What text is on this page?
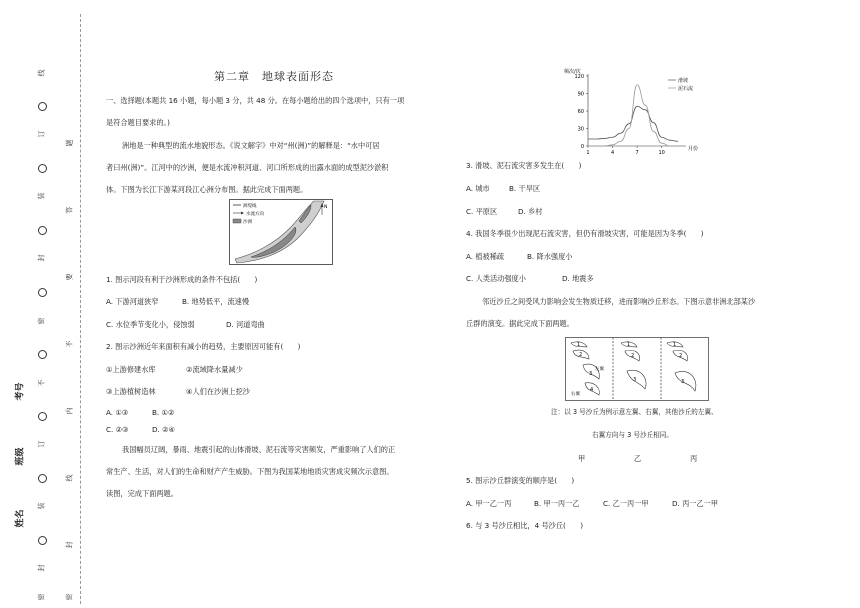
线
订
装
封
密
不
订
装
封
密
题
答
要
不
内
线
封
密
考号
班级
姓名
第二章　地球表面形态
一、选择题(本题共 16 小题，每小题 3 分，共 48 分。在每小题给出的四个选项中，只有一项
是符合题目要求的。)
洲地是一种典型的流水地貌形态。《说文解字》中对“州(洲)”的解释是：“水中可居
者曰州(洲)”。江河中的沙洲，便是水流冲积河道、河口所形成的出露水面的成型泥沙淤积
体。下图为长江下游某河段江心洲分布图。据此完成下面两题。
洲堤线
水流方向
沙洲
N
1. 图示河段有利于沙洲形成的条件不包括(　　)
A. 下游河道狭窄	B. 地势低平，流速慢
C. 水位季节变化小，侵蚀弱	D. 河道弯曲
2. 图示沙洲近年来面积有减小的趋势，主要原因可能有(　　)
①上游修建水库	②流域降水量减少
③上游植树造林	④人们在沙洲上挖沙
A. ①③	B. ①②
C. ②③	D. ②④
我国幅员辽阔，暴雨、地震引起的山体滑坡、泥石流等灾害频发，严重影响了人们的正
常生产、生活，对人们的生命和财产产生威胁。下图为我国某地地质灾害成灾频次示意图。
读图，完成下面两题。
频次/次
0
30
60
90
120
1	4	7	10
月份
滑坡
泥石流
3. 滑坡、泥石流灾害多发生在(　　)
A. 城市	B. 干旱区
C. 平原区	D. 乡村
4. 我国冬季很少出现泥石流灾害，但仍有滑坡灾害，可能是因为冬季(　　)
A. 植被稀疏	B. 降水强度小
C. 人类活动强度小	D. 地震多
邻近沙丘之间受风力影响会发生物质迁移，进而影响沙丘形态。下图示意非洲北部某沙
丘群的演变。据此完成下面两题。
1
2
3
4
左翼
右翼
1
2
3
1
2
3
注：以 3 号沙丘为例示意左翼、右翼，其他沙丘的左翼、
右翼方向与 3 号沙丘相同。
甲	乙	丙
5. 图示沙丘群演变的顺序是(　　)
A. 甲一乙一丙	B. 甲一丙一乙	C. 乙一丙一甲	D. 丙一乙一甲
6. 与 3 号沙丘相比，4 号沙丘(　　)
